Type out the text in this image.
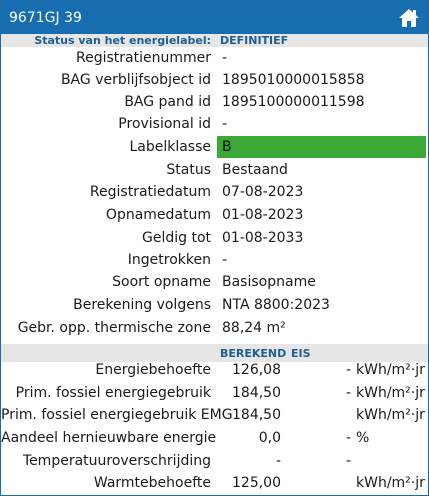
9671GJ 39
Status van het energielabel: DEFINITIEF
Registratienummer -
BAG verblijfsobject id 1895010000015858
BAG pand id 1895100000011598
Provisional id -
Labelklasse B
Status Bestaand
Registratiedatum 07-08-2023
Opnamedatum 01-08-2023
Geldig tot 01-08-2033
Ingetrokken -
Soort opname Basisopname
Berekening volgens NTA 8800:2023
Gebr. opp. thermische zone 88,24 m²
BEREKEND EIS
Energiebehoefte	126,08	- kWh/m²·jr
Prim. fossiel energiegebruik	184,50	- kWh/m²·jr
Prim. fossiel energiegebruik EMG 184,50	kWh/m²·jr
Aandeel hernieuwbare energie	0,0	- %
Temperatuuroverschrijding	-	-
Warmtebehoefte	125,00	kWh/m²·jr
